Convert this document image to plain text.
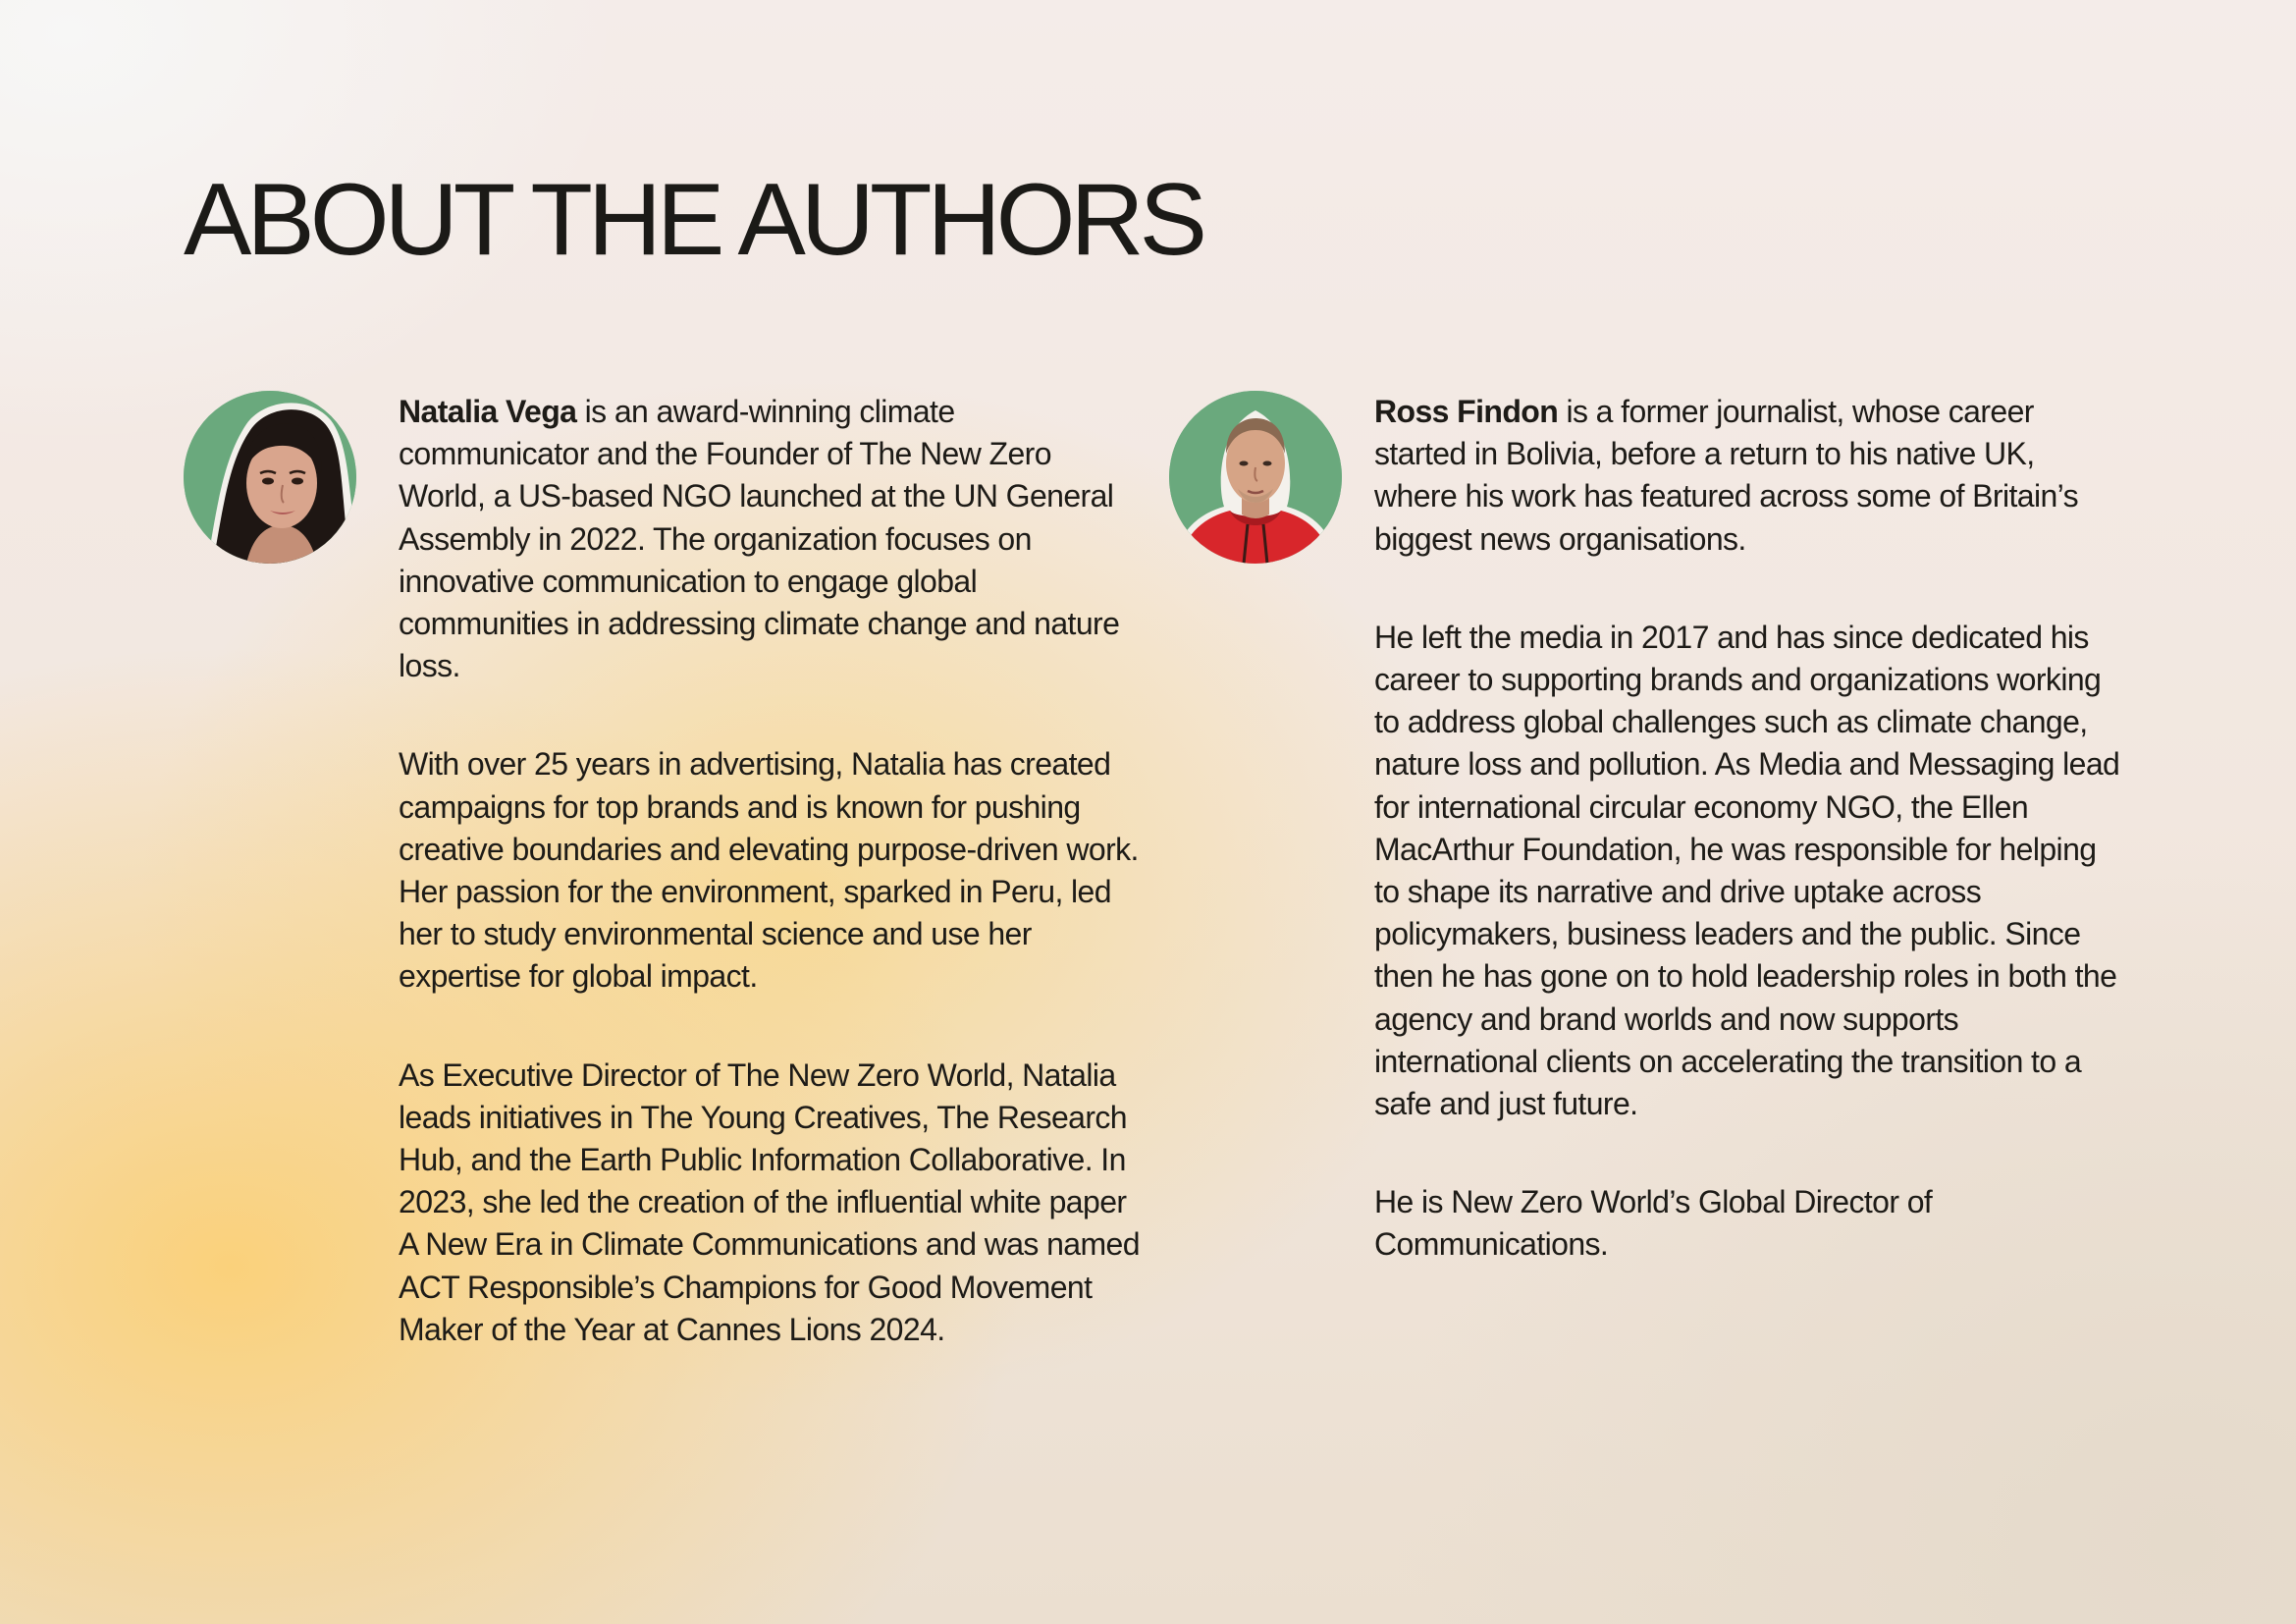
ABOUT THE AUTHORS

Natalia Vega is an award-winning climate communicator and the Founder of The New Zero World, a US-based NGO launched at the UN General Assembly in 2022. The organization focuses on innovative communication to engage global communities in addressing climate change and nature loss.

With over 25 years in advertising, Natalia has created campaigns for top brands and is known for pushing creative boundaries and elevating purpose-driven work. Her passion for the environment, sparked in Peru, led her to study environmental science and use her expertise for global impact.

As Executive Director of The New Zero World, Natalia leads initiatives in The Young Creatives, The Research Hub, and the Earth Public Information Collaborative. In 2023, she led the creation of the influential white paper A New Era in Climate Communications and was named ACT Responsible’s Champions for Good Movement Maker of the Year at Cannes Lions 2024.

Ross Findon is a former journalist, whose career started in Bolivia, before a return to his native UK, where his work has featured across some of Britain’s biggest news organisations.

He left the media in 2017 and has since dedicated his career to supporting brands and organizations working to address global challenges such as climate change, nature loss and pollution. As Media and Messaging lead for international circular economy NGO, the Ellen MacArthur Foundation, he was responsible for helping to shape its narrative and drive uptake across policymakers, business leaders and the public. Since then he has gone on to hold leadership roles in both the agency and brand worlds and now supports international clients on accelerating the transition to a safe and just future.

He is New Zero World’s Global Director of Communications.
